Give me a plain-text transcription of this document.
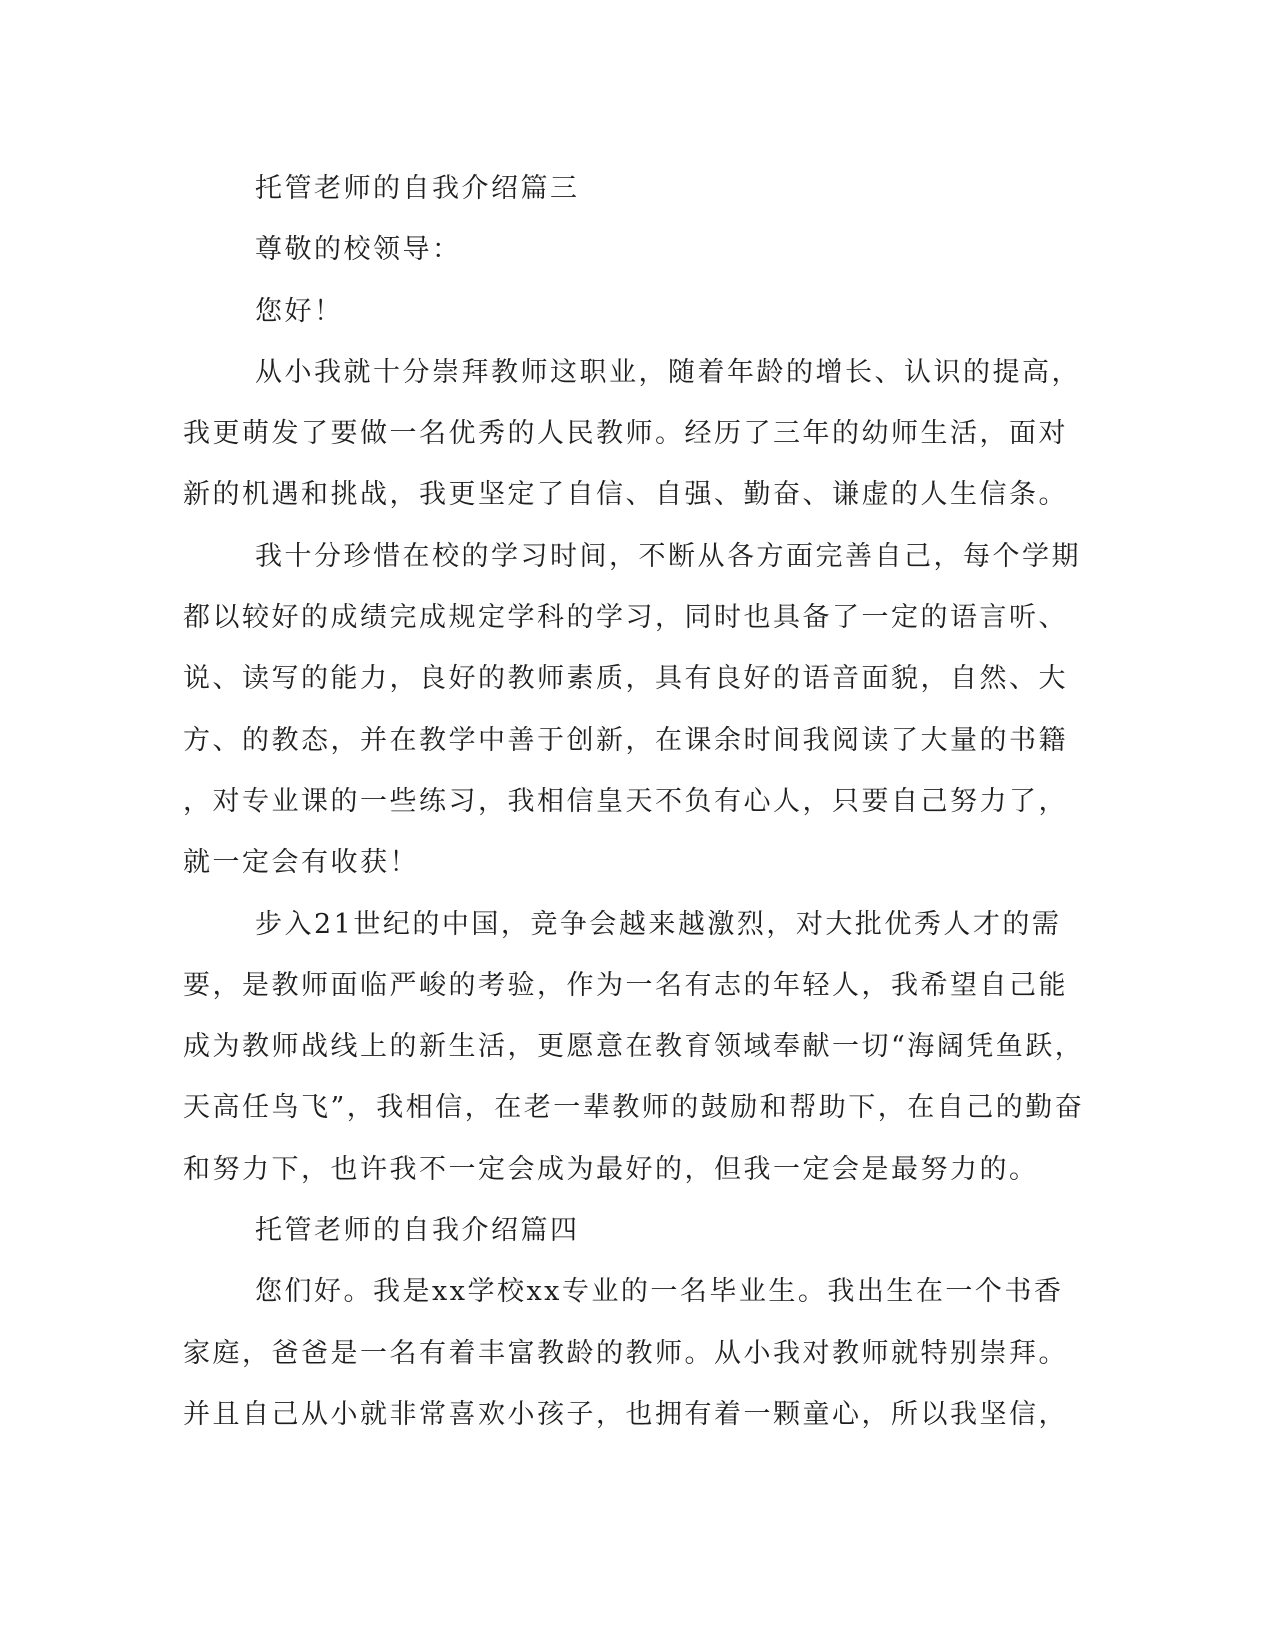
托管老师的自我介绍篇三
尊敬的校领导：
您好！
从小我就十分崇拜教师这职业，随着年龄的增长、认识的提高，
我更萌发了要做一名优秀的人民教师。经历了三年的幼师生活，面对
新的机遇和挑战，我更坚定了自信、自强、勤奋、谦虚的人生信条。
我十分珍惜在校的学习时间，不断从各方面完善自己，每个学期
都以较好的成绩完成规定学科的学习，同时也具备了一定的语言听、
说、读写的能力，良好的教师素质，具有良好的语音面貌，自然、大
方、的教态，并在教学中善于创新，在课余时间我阅读了大量的书籍
，对专业课的一些练习，我相信皇天不负有心人，只要自己努力了，
就一定会有收获！
步入21世纪的中国，竞争会越来越激烈，对大批优秀人才的需
要，是教师面临严峻的考验，作为一名有志的年轻人，我希望自己能
成为教师战线上的新生活，更愿意在教育领域奉献一切“海阔凭鱼跃，
天高任鸟飞”，我相信，在老一辈教师的鼓励和帮助下，在自己的勤奋
和努力下，也许我不一定会成为最好的，但我一定会是最努力的。
托管老师的自我介绍篇四
您们好。我是xx学校xx专业的一名毕业生。我出生在一个书香
家庭，爸爸是一名有着丰富教龄的教师。从小我对教师就特别崇拜。
并且自己从小就非常喜欢小孩子，也拥有着一颗童心，所以我坚信，
